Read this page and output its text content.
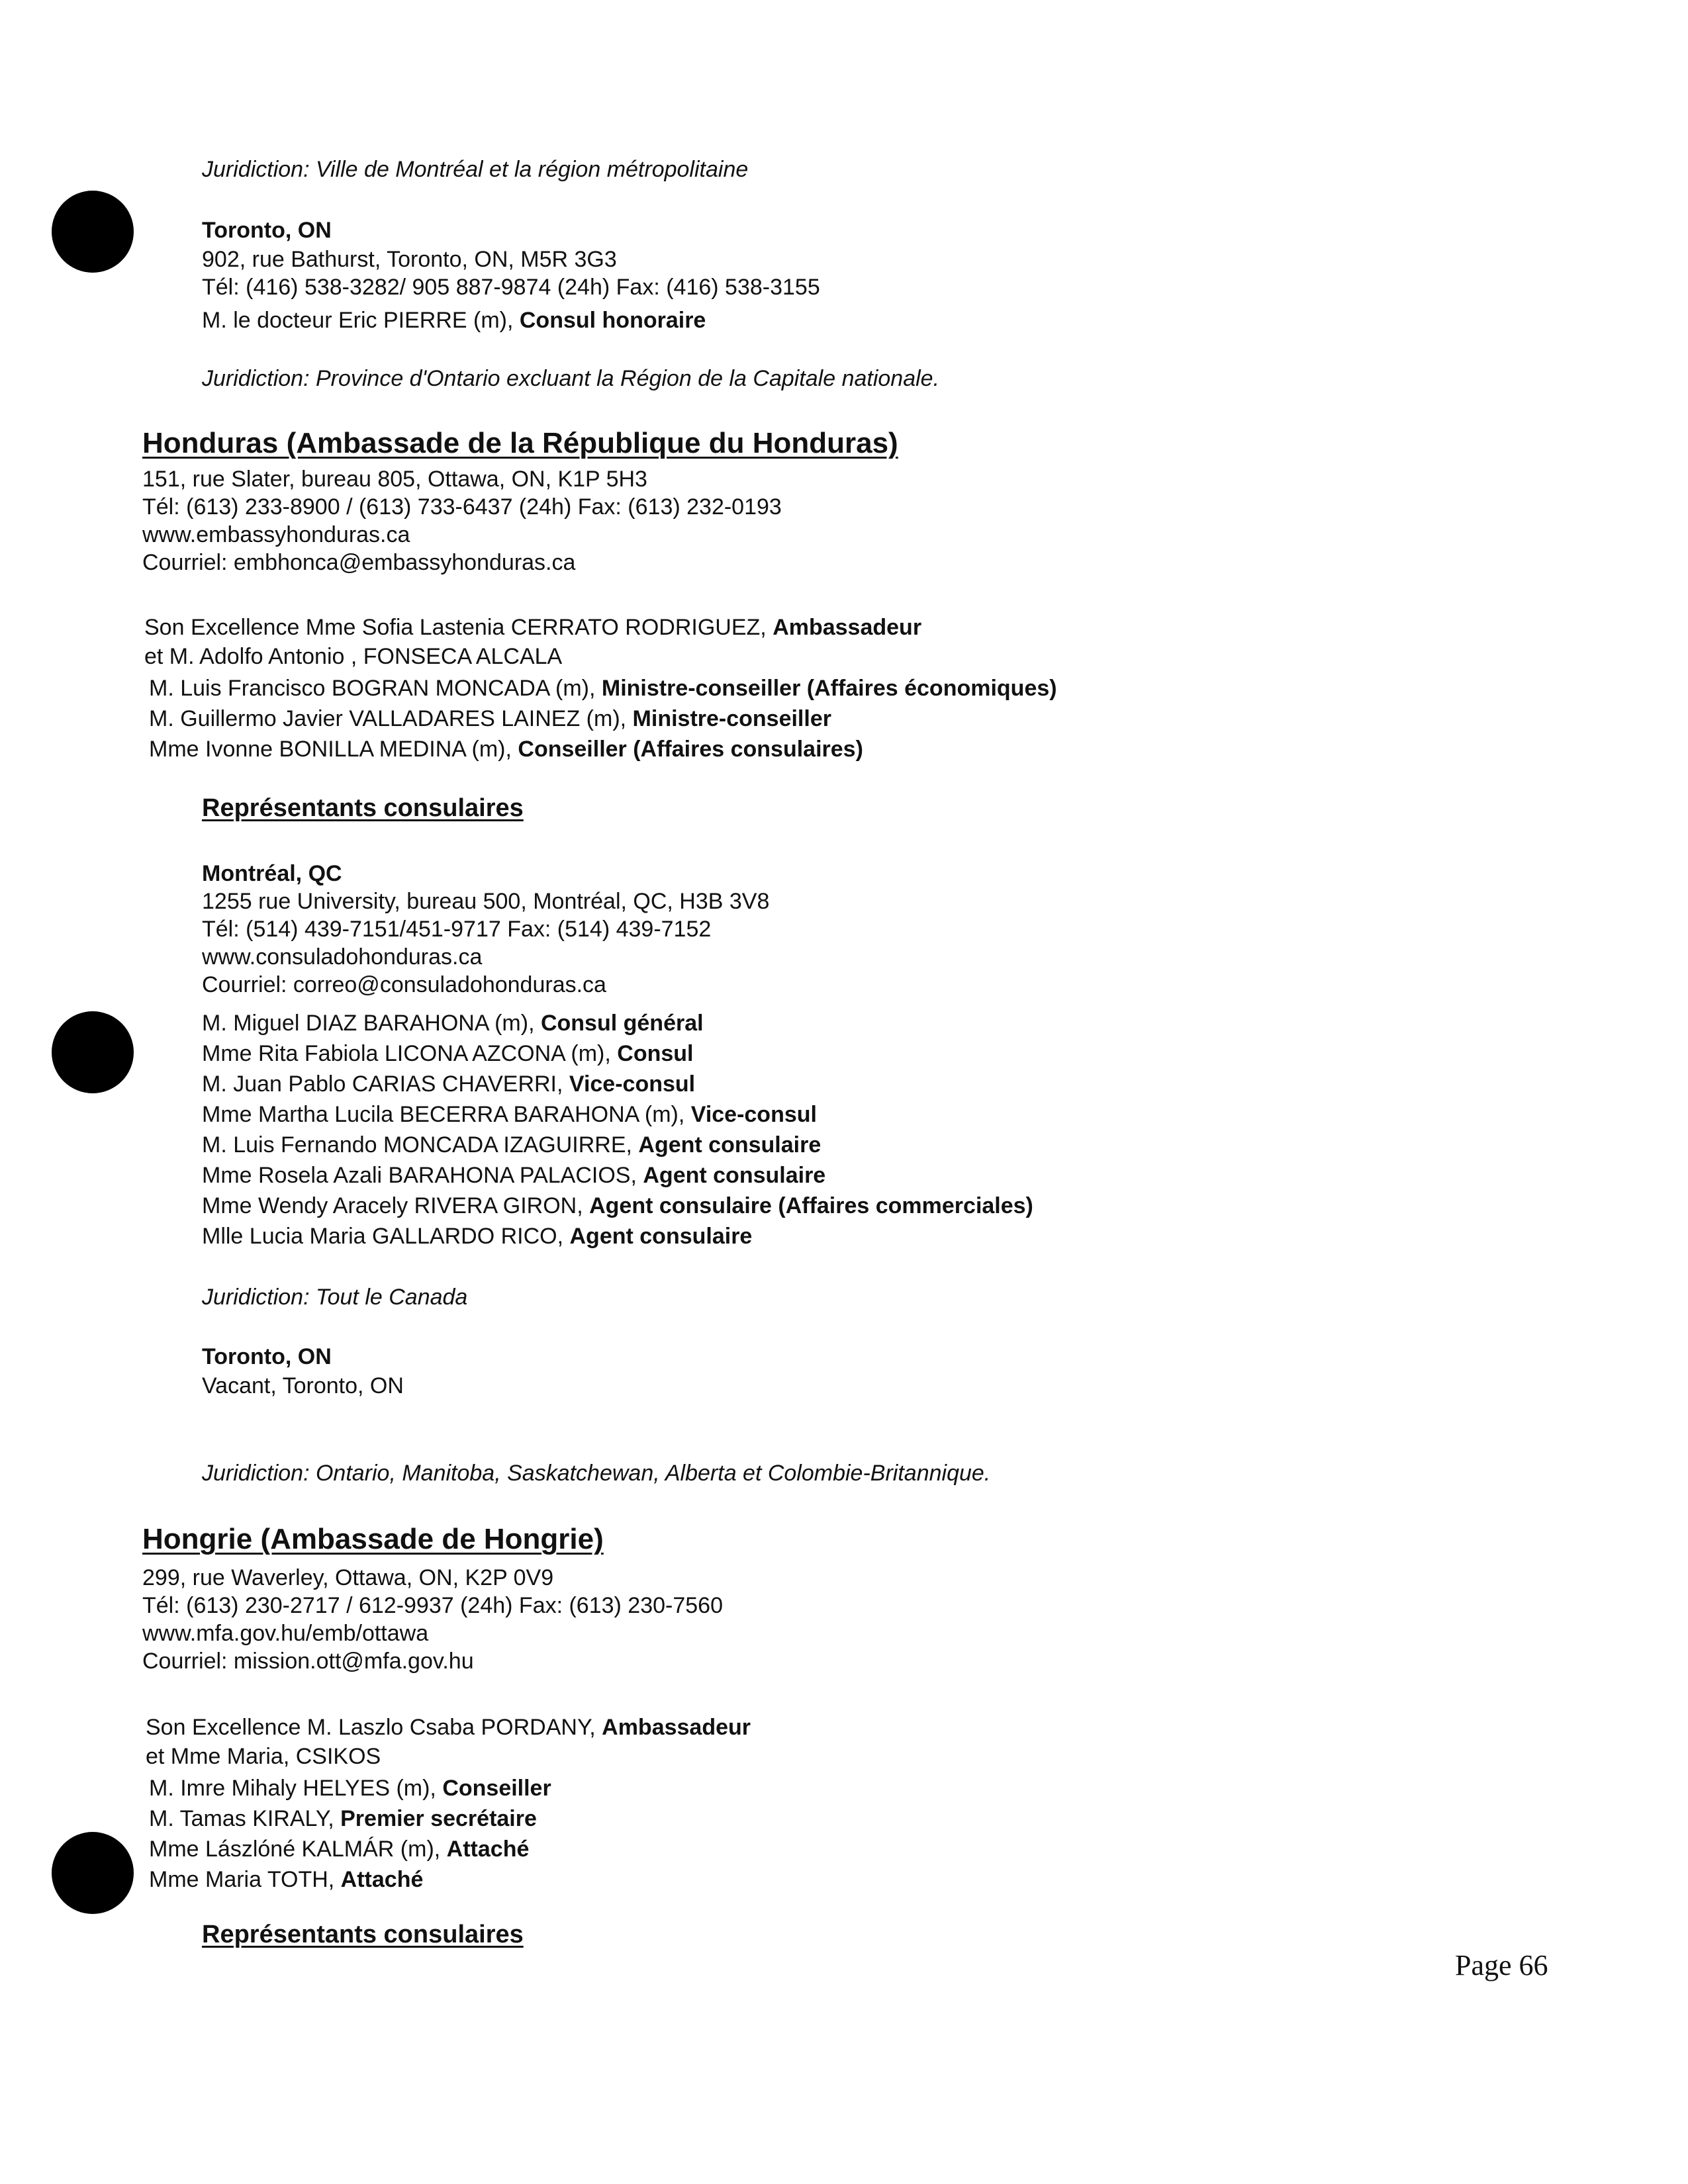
Juridiction: Ville de Montréal et la région métropolitaine
Toronto, ON
902, rue Bathurst, Toronto, ON, M5R 3G3
Tél: (416) 538-3282/ 905 887-9874 (24h) Fax: (416) 538-3155
M. le docteur Eric PIERRE (m), Consul honoraire
Juridiction: Province d'Ontario excluant la Région de la Capitale nationale.
Honduras (Ambassade de la République du Honduras)
151, rue Slater, bureau 805, Ottawa, ON, K1P 5H3
Tél: (613) 233-8900 / (613) 733-6437 (24h) Fax: (613) 232-0193
www.embassyhonduras.ca
Courriel: embhonca@embassyhonduras.ca
Son Excellence Mme Sofia Lastenia CERRATO RODRIGUEZ, Ambassadeur
et M. Adolfo Antonio , FONSECA ALCALA
M. Luis Francisco BOGRAN MONCADA (m), Ministre-conseiller (Affaires économiques)
M. Guillermo Javier VALLADARES LAINEZ (m), Ministre-conseiller
Mme Ivonne BONILLA MEDINA (m), Conseiller (Affaires consulaires)
Représentants consulaires
Montréal, QC
1255 rue University, bureau 500, Montréal, QC, H3B 3V8
Tél: (514) 439-7151/451-9717 Fax: (514) 439-7152
www.consuladohonduras.ca
Courriel: correo@consuladohonduras.ca
M. Miguel DIAZ BARAHONA (m), Consul général
Mme Rita Fabiola LICONA AZCONA (m), Consul
M. Juan Pablo CARIAS CHAVERRI, Vice-consul
Mme Martha Lucila BECERRA BARAHONA (m), Vice-consul
M. Luis Fernando MONCADA IZAGUIRRE, Agent consulaire
Mme Rosela Azali BARAHONA PALACIOS, Agent consulaire
Mme Wendy Aracely RIVERA GIRON, Agent consulaire (Affaires commerciales)
Mlle Lucia Maria GALLARDO RICO, Agent consulaire
Juridiction: Tout le Canada
Toronto, ON
Vacant, Toronto, ON
Juridiction: Ontario, Manitoba, Saskatchewan, Alberta et Colombie-Britannique.
Hongrie (Ambassade de Hongrie)
299, rue Waverley, Ottawa, ON, K2P 0V9
Tél: (613) 230-2717 / 612-9937 (24h) Fax: (613) 230-7560
www.mfa.gov.hu/emb/ottawa
Courriel: mission.ott@mfa.gov.hu
Son Excellence M. Laszlo Csaba PORDANY, Ambassadeur
et Mme Maria, CSIKOS
M. Imre Mihaly HELYES (m), Conseiller
M. Tamas KIRALY, Premier secrétaire
Mme Lászlóné KALMÁR (m), Attaché
Mme Maria TOTH, Attaché
Représentants consulaires
Page 66
